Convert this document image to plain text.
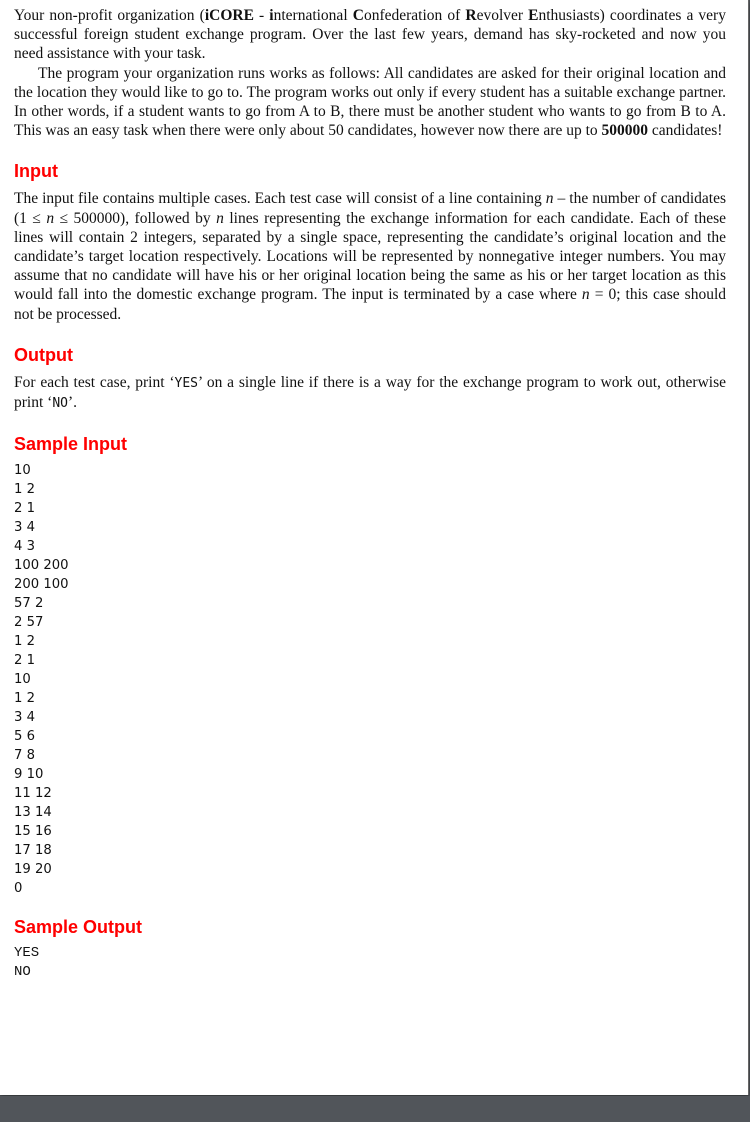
Your non-profit organization (iCORE - international Confederation of Revolver Enthusiasts) coordinates a very successful foreign student exchange program. Over the last few years, demand has sky-rocketed and now you need assistance with your task.

The program your organization runs works as follows: All candidates are asked for their original location and the location they would like to go to. The program works out only if every student has a suitable exchange partner. In other words, if a student wants to go from A to B, there must be another student who wants to go from B to A. This was an easy task when there were only about 50 candidates, however now there are up to 500000 candidates!

Input

The input file contains multiple cases. Each test case will consist of a line containing n – the number of candidates (1 ≤ n ≤ 500000), followed by n lines representing the exchange information for each candidate. Each of these lines will contain 2 integers, separated by a single space, representing the candidate’s original location and the candidate’s target location respectively. Locations will be represented by nonnegative integer numbers. You may assume that no candidate will have his or her original location being the same as his or her target location as this would fall into the domestic exchange program. The input is terminated by a case where n = 0; this case should not be processed.

Output

For each test case, print ‘YES’ on a single line if there is a way for the exchange program to work out, otherwise print ‘NO’.

Sample Input
10
1 2
2 1
3 4
4 3
100 200
200 100
57 2
2 57
1 2
2 1
10
1 2
3 4
5 6
7 8
9 10
11 12
13 14
15 16
17 18
19 20
0
Sample Output
YES
NO
